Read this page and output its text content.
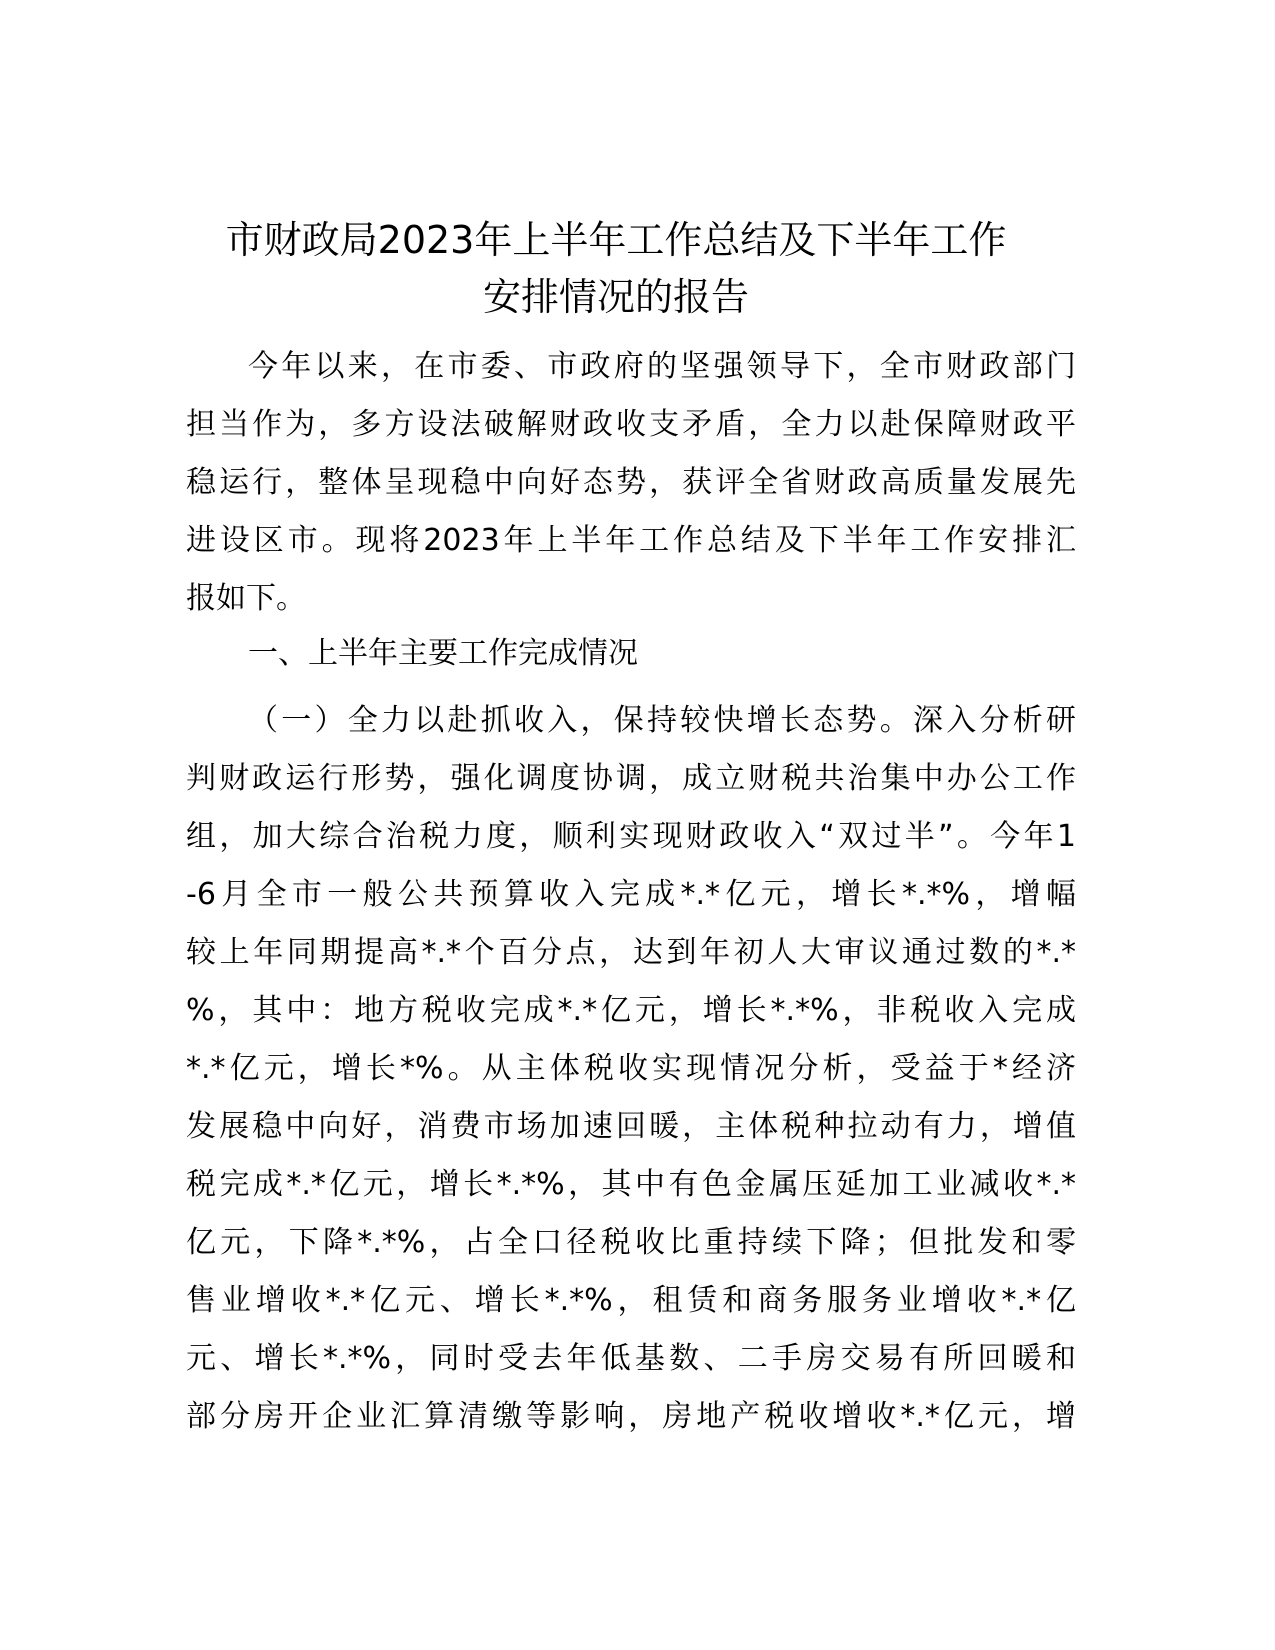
市财政局2023年上半年工作总结及下半年工作
安排情况的报告
今年以来，在市委、市政府的坚强领导下，全市财政部门
担当作为，多方设法破解财政收支矛盾，全力以赴保障财政平
稳运行，整体呈现稳中向好态势，获评全省财政高质量发展先
进设区市。现将2023年上半年工作总结及下半年工作安排汇
报如下。
一、上半年主要工作完成情况
（一）全力以赴抓收入，保持较快增长态势。深入分析研
判财政运行形势，强化调度协调，成立财税共治集中办公工作
组，加大综合治税力度，顺利实现财政收入“双过半”。今年1
-6月全市一般公共预算收入完成*.*亿元，增长*.*%，增幅
较上年同期提高*.*个百分点，达到年初人大审议通过数的*.*
%，其中：地方税收完成*.*亿元，增长*.*%，非税收入完成
*.*亿元，增长*%。从主体税收实现情况分析，受益于*经济
发展稳中向好，消费市场加速回暖，主体税种拉动有力，增值
税完成*.*亿元，增长*.*%，其中有色金属压延加工业减收*.*
亿元，下降*.*%，占全口径税收比重持续下降；但批发和零
售业增收*.*亿元、增长*.*%，租赁和商务服务业增收*.*亿
元、增长*.*%，同时受去年低基数、二手房交易有所回暖和
部分房开企业汇算清缴等影响，房地产税收增收*.*亿元，增
